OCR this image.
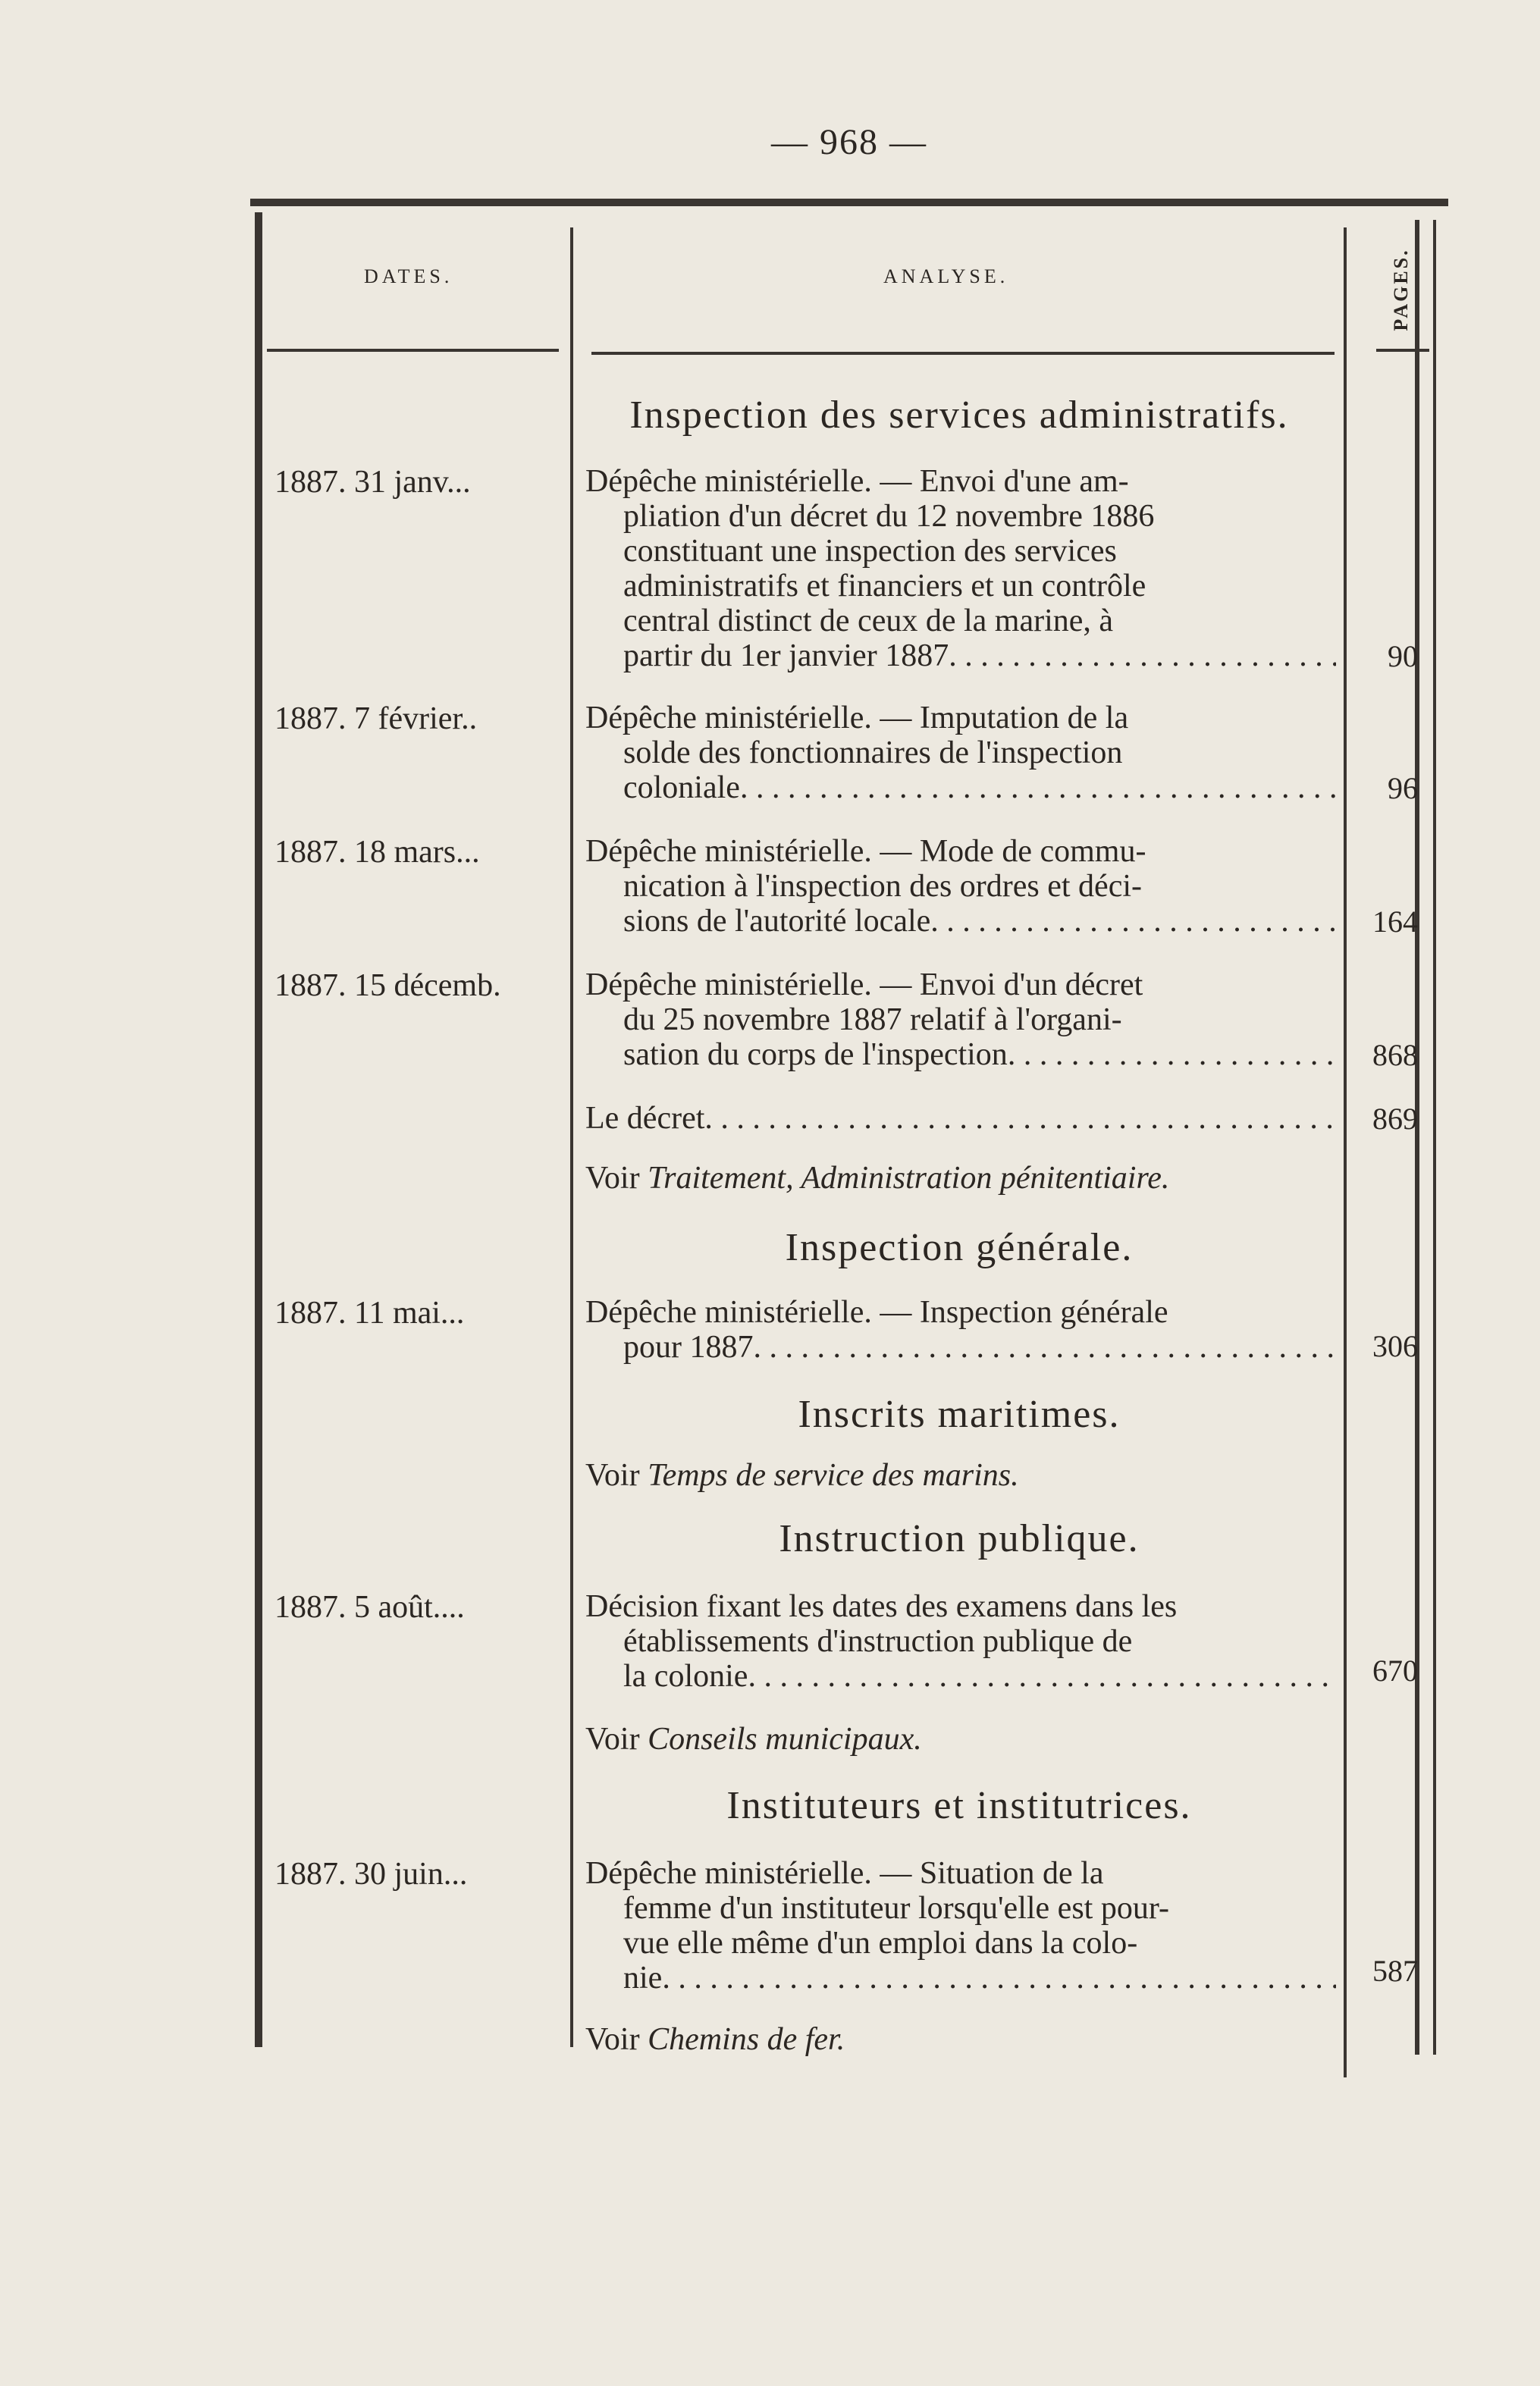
— 968 —
DATES.	ANALYSE.	PAGES.
Inspection des services administratifs.
1887. 31 janv...	Dépêche ministérielle. — Envoi d'une am-
pliation d'un décret du 12 novembre 1886
constituant une inspection des services
administratifs et financiers et un contrôle
central distinct de ceux de la marine, à
partir du 1er janvier 1887 . . .	90
1887. 7 février..	Dépêche ministérielle. — Imputation de la
solde des fonctionnaires de l'inspection
coloniale . . .	96
1887. 18 mars...	Dépêche ministérielle. — Mode de commu-
nication à l'inspection des ordres et déci-
sions de l'autorité locale . . .	164
1887. 15 décemb.	Dépêche ministérielle. — Envoi d'un décret
du 25 novembre 1887 relatif à l'organi-
sation du corps de l'inspection . . .	868
Le décret . . .	869
Voir Traitement, Administration pénitentiaire.
Inspection générale.
1887. 11 mai...	Dépêche ministérielle. — Inspection générale
pour 1887 . . .	306
Inscrits maritimes.
Voir Temps de service des marins.
Instruction publique.
1887. 5 août....	Décision fixant les dates des examens dans les
établissements d'instruction publique de
la colonie . . .	670
Voir Conseils municipaux.
Instituteurs et institutrices.
1887. 30 juin...	Dépêche ministérielle. — Situation de la
femme d'un instituteur lorsqu'elle est pour-
vue elle même d'un emploi dans la colo-
nie . . .	587
Voir Chemins de fer.
